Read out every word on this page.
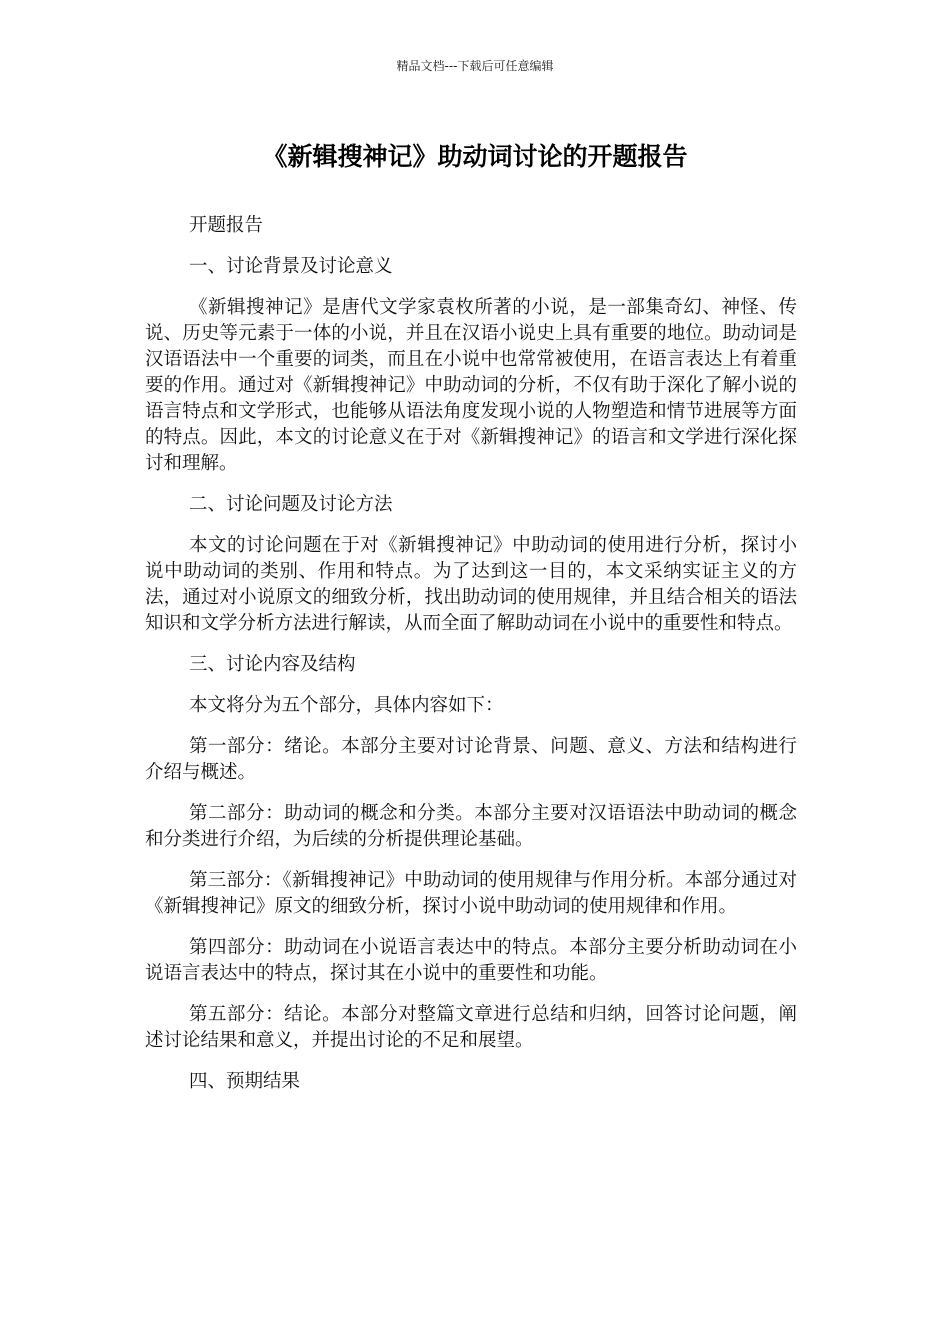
精品文档---下载后可任意编辑
《新辑搜神记》助动词讨论的开题报告

开题报告

一、讨论背景及讨论意义

《新辑搜神记》是唐代文学家袁枚所著的小说，是一部集奇幻、神怪、传说、历史等元素于一体的小说，并且在汉语小说史上具有重要的地位。助动词是汉语语法中一个重要的词类，而且在小说中也常常被使用，在语言表达上有着重要的作用。通过对《新辑搜神记》中助动词的分析，不仅有助于深化了解小说的语言特点和文学形式，也能够从语法角度发现小说的人物塑造和情节进展等方面的特点。因此，本文的讨论意义在于对《新辑搜神记》的语言和文学进行深化探讨和理解。

二、讨论问题及讨论方法

本文的讨论问题在于对《新辑搜神记》中助动词的使用进行分析，探讨小说中助动词的类别、作用和特点。为了达到这一目的，本文采纳实证主义的方法，通过对小说原文的细致分析，找出助动词的使用规律，并且结合相关的语法知识和文学分析方法进行解读，从而全面了解助动词在小说中的重要性和特点。

三、讨论内容及结构

本文将分为五个部分，具体内容如下：

第一部分：绪论。本部分主要对讨论背景、问题、意义、方法和结构进行介绍与概述。

第二部分：助动词的概念和分类。本部分主要对汉语语法中助动词的概念和分类进行介绍，为后续的分析提供理论基础。

第三部分：《新辑搜神记》中助动词的使用规律与作用分析。本部分通过对《新辑搜神记》原文的细致分析，探讨小说中助动词的使用规律和作用。

第四部分：助动词在小说语言表达中的特点。本部分主要分析助动词在小说语言表达中的特点，探讨其在小说中的重要性和功能。

第五部分：结论。本部分对整篇文章进行总结和归纳，回答讨论问题，阐述讨论结果和意义，并提出讨论的不足和展望。

四、预期结果
